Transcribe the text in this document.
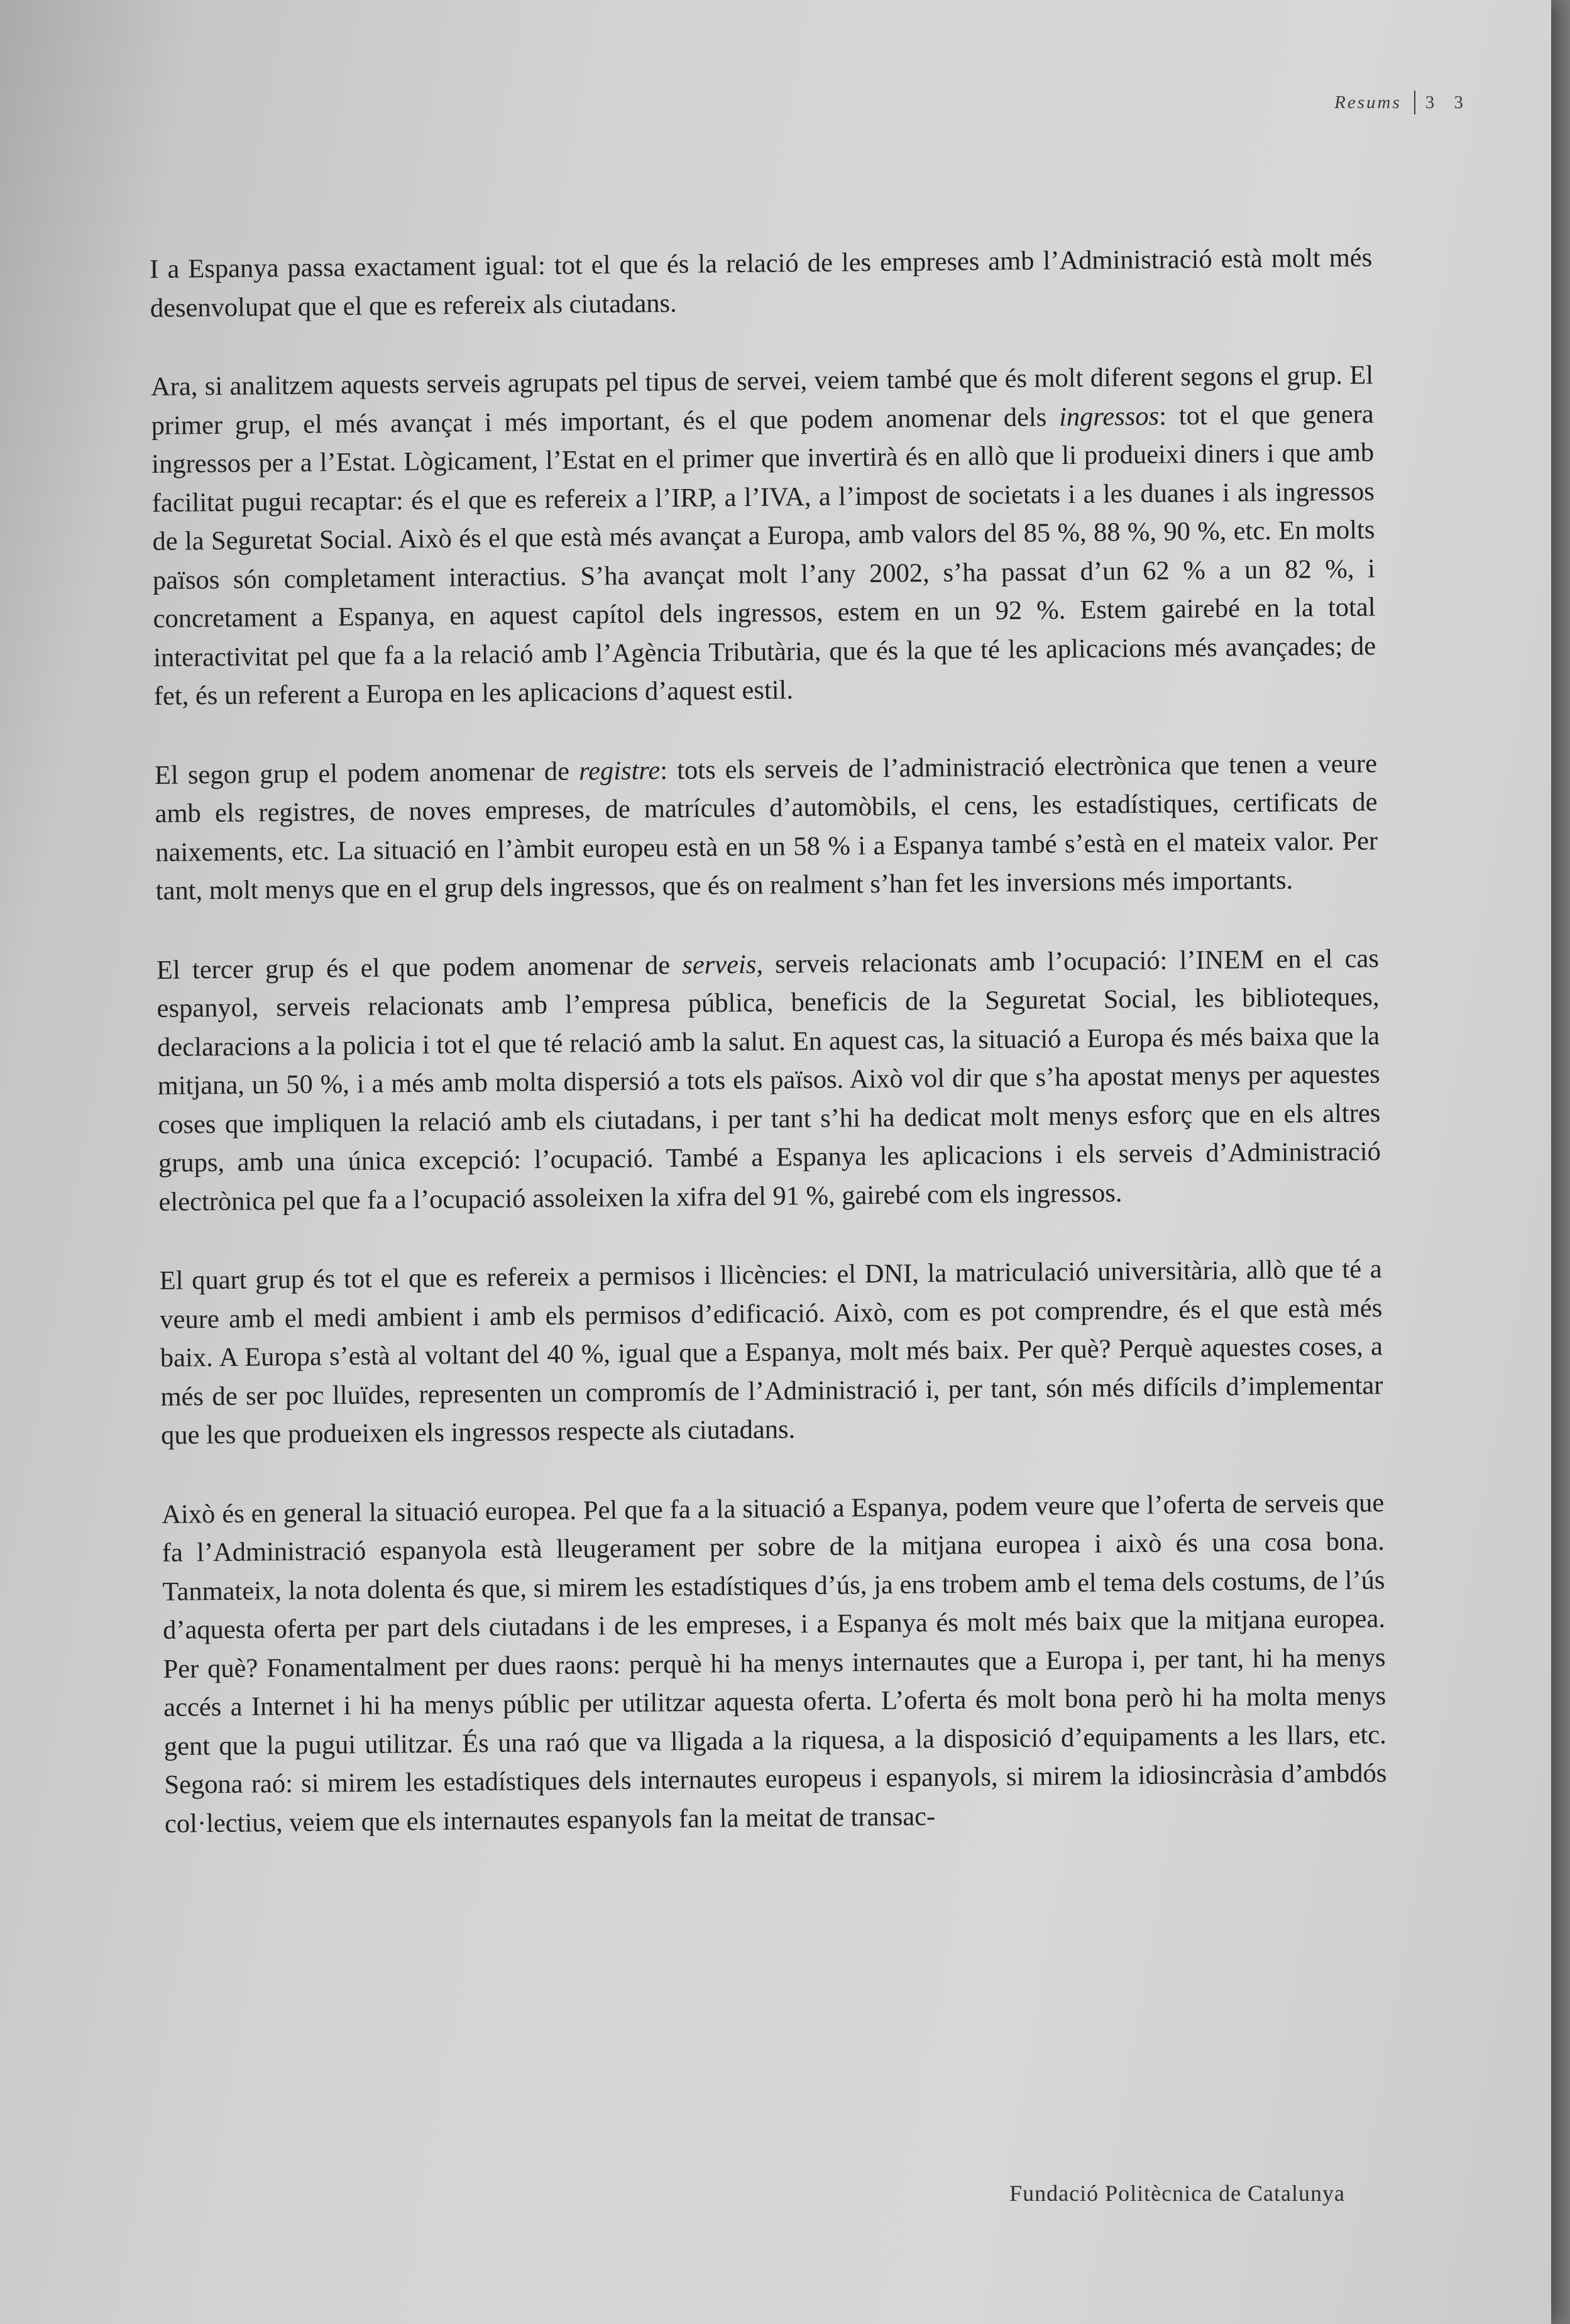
Resums 3 3

I a Espanya passa exactament igual: tot el que és la relació de les empreses amb l’Administració està molt més desenvolupat que el que es refereix als ciutadans.

Ara, si analitzem aquests serveis agrupats pel tipus de servei, veiem també que és molt diferent segons el grup. El primer grup, el més avançat i més important, és el que podem anomenar dels ingressos: tot el que genera ingressos per a l’Estat. Lògicament, l’Estat en el primer que invertirà és en allò que li produeixi diners i que amb facilitat pugui recaptar: és el que es refereix a l’IRP, a l’IVA, a l’impost de societats i a les duanes i als ingressos de la Seguretat Social. Això és el que està més avançat a Europa, amb valors del 85 %, 88 %, 90 %, etc. En molts països són completament interactius. S’ha avançat molt l’any 2002, s’ha passat d’un 62 % a un 82 %, i concretament a Espanya, en aquest capítol dels ingressos, estem en un 92 %. Estem gairebé en la total interactivitat pel que fa a la relació amb l’Agència Tributària, que és la que té les aplicacions més avançades; de fet, és un referent a Europa en les aplicacions d’aquest estil.

El segon grup el podem anomenar de registre: tots els serveis de l’administració electrònica que tenen a veure amb els registres, de noves empreses, de matrícules d’automòbils, el cens, les estadístiques, certificats de naixements, etc. La situació en l’àmbit europeu està en un 58 % i a Espanya també s’està en el mateix valor. Per tant, molt menys que en el grup dels ingressos, que és on realment s’han fet les inversions més importants.

El tercer grup és el que podem anomenar de serveis, serveis relacionats amb l’ocupació: l’INEM en el cas espanyol, serveis relacionats amb l’empresa pública, beneficis de la Seguretat Social, les biblioteques, declaracions a la policia i tot el que té relació amb la salut. En aquest cas, la situació a Europa és més baixa que la mitjana, un 50 %, i a més amb molta dispersió a tots els països. Això vol dir que s’ha apostat menys per aquestes coses que impliquen la relació amb els ciutadans, i per tant s’hi ha dedicat molt menys esforç que en els altres grups, amb una única excepció: l’ocupació. També a Espanya les aplicacions i els serveis d’Administració electrònica pel que fa a l’ocupació assoleixen la xifra del 91 %, gairebé com els ingressos.

El quart grup és tot el que es refereix a permisos i llicències: el DNI, la matriculació universitària, allò que té a veure amb el medi ambient i amb els permisos d’edificació. Això, com es pot comprendre, és el que està més baix. A Europa s’està al voltant del 40 %, igual que a Espanya, molt més baix. Per què? Perquè aquestes coses, a més de ser poc lluïdes, representen un compromís de l’Administració i, per tant, són més difícils d’implementar que les que produeixen els ingressos respecte als ciutadans.

Això és en general la situació europea. Pel que fa a la situació a Espanya, podem veure que l’oferta de serveis que fa l’Administració espanyola està lleugerament per sobre de la mitjana europea i això és una cosa bona. Tanmateix, la nota dolenta és que, si mirem les estadístiques d’ús, ja ens trobem amb el tema dels costums, de l’ús d’aquesta oferta per part dels ciutadans i de les empreses, i a Espanya és molt més baix que la mitjana europea. Per què? Fonamentalment per dues raons: perquè hi ha menys internautes que a Europa i, per tant, hi ha menys accés a Internet i hi ha menys públic per utilitzar aquesta oferta. L’oferta és molt bona però hi ha molta menys gent que la pugui utilitzar. És una raó que va lligada a la riquesa, a la disposició d’equipaments a les llars, etc. Segona raó: si mirem les estadístiques dels internautes europeus i espanyols, si mirem la idiosincràsia d’ambdós col·lectius, veiem que els internautes espanyols fan la meitat de transac-

Fundació Politècnica de Catalunya
